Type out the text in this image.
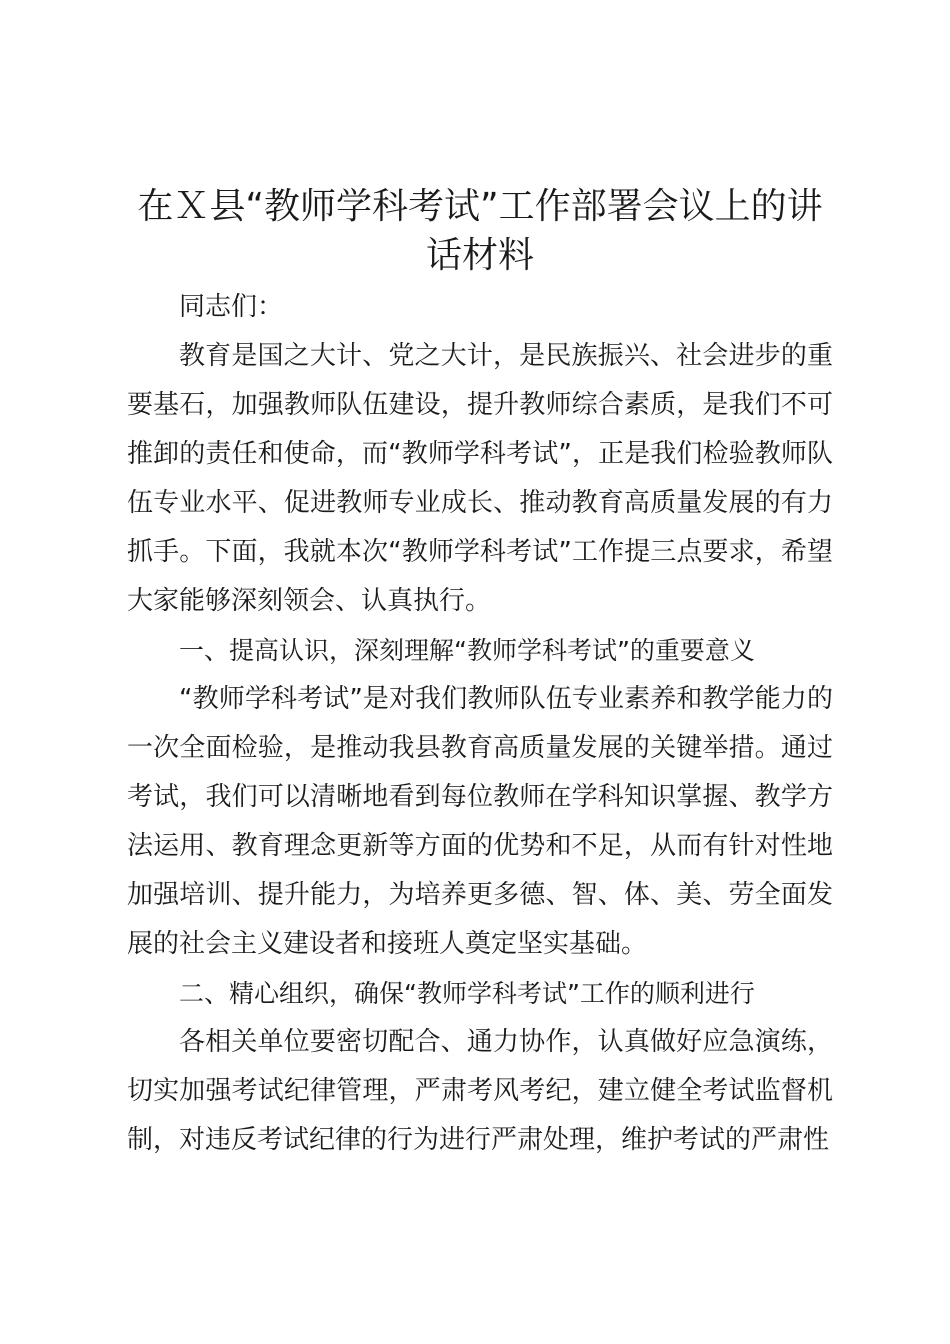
在Ｘ县“教师学科考试”工作部署会议上的讲
话材料

同志们：

教育是国之大计、党之大计，是民族振兴、社会进步的重要基石，加强教师队伍建设，提升教师综合素质，是我们不可推卸的责任和使命，而“教师学科考试”，正是我们检验教师队伍专业水平、促进教师专业成长、推动教育高质量发展的有力抓手。下面，我就本次“教师学科考试”工作提三点要求，希望大家能够深刻领会、认真执行。

一、提高认识，深刻理解“教师学科考试”的重要意义

“教师学科考试”是对我们教师队伍专业素养和教学能力的一次全面检验，是推动我县教育高质量发展的关键举措。通过考试，我们可以清晰地看到每位教师在学科知识掌握、教学方法运用、教育理念更新等方面的优势和不足，从而有针对性地加强培训、提升能力，为培养更多德、智、体、美、劳全面发展的社会主义建设者和接班人奠定坚实基础。

二、精心组织，确保“教师学科考试”工作的顺利进行

各相关单位要密切配合、通力协作，认真做好应急演练，切实加强考试纪律管理，严肃考风考纪，建立健全考试监督机制，对违反考试纪律的行为进行严肃处理，维护考试的严肃性
